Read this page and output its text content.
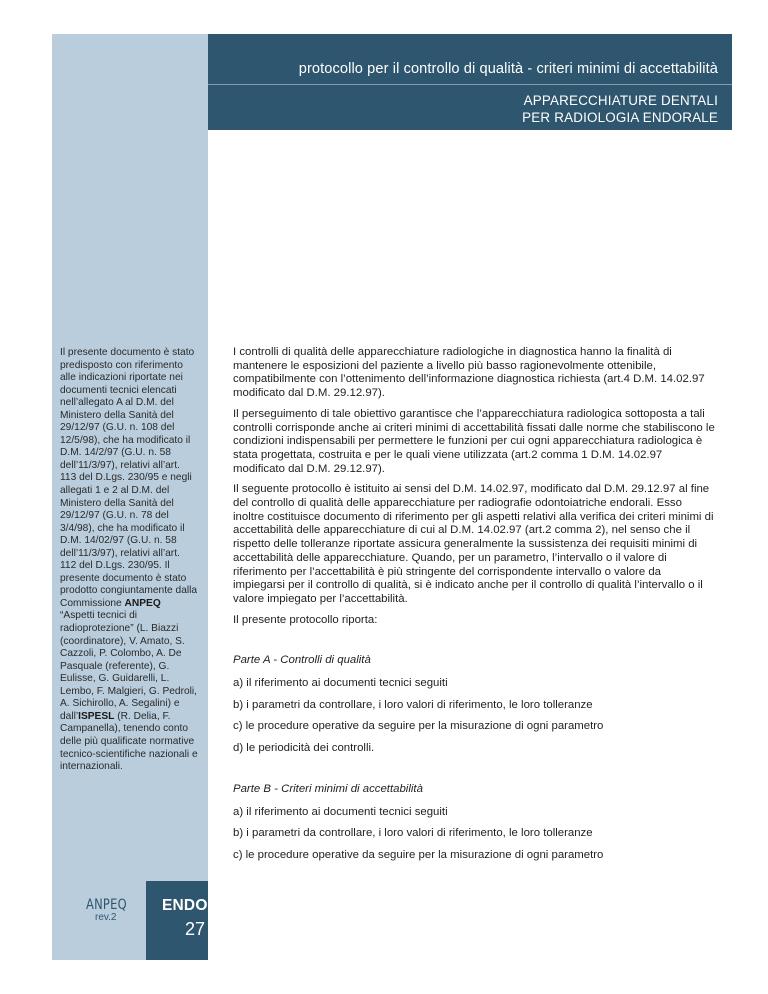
protocollo per il controllo di qualità - criteri minimi di accettabilità
APPARECCHIATURE DENTALI
PER RADIOLOGIA ENDORALE

Il presente documento è stato predisposto con riferimento alle indicazioni riportate nei documenti tecnici elencati nell’allegato A al D.M. del Ministero della Sanità del 29/12/97 (G.U. n. 108 del 12/5/98), che ha modificato il D.M. 14/2/97 (G.U. n. 58 dell’11/3/97), relativi all’art. 113 del D.Lgs. 230/95 e negli allegati 1 e 2 al D.M. del Ministero della Sanità del 29/12/97 (G.U. n. 78 del 3/4/98), che ha modificato il D.M. 14/02/97 (G.U. n. 58 dell’11/3/97), relativi all’art. 112 del D.Lgs. 230/95. Il presente documento è stato prodotto congiuntamente dalla Commissione ANPEQ “Aspetti tecnici di radioprotezione” (L. Biazzi (coordinatore), V. Amato, S. Cazzoli, P. Colombo, A. De Pasquale (referente), G. Eulisse, G. Guidarelli, L. Lembo, F. Malgieri, G. Pedroli, A. Sichirollo, A. Segalini) e dall’ISPESL (R. Delia, F. Campanella), tenendo conto delle più qualificate normative tecnico-scientifiche nazionali e internazionali.

ANPEQ
rev.2
ENDO
27

I controlli di qualità delle apparecchiature radiologiche in diagnostica hanno la finalità di mantenere le esposizioni del paziente a livello più basso ragionevolmente ottenibile, compatibilmente con l’ottenimento dell’informazione diagnostica richiesta (art.4 D.M. 14.02.97 modificato dal D.M. 29.12.97).

Il perseguimento di tale obiettivo garantisce che l’apparecchiatura radiologica sottoposta a tali controlli corrisponde anche ai criteri minimi di accettabilità fissati dalle norme che stabiliscono le condizioni indispensabili per permettere le funzioni per cui ogni apparecchiatura radiologica è stata progettata, costruita e per le quali viene utilizzata (art.2 comma 1 D.M. 14.02.97 modificato dal D.M. 29.12.97).

Il seguente protocollo è istituito ai sensi del D.M. 14.02.97, modificato dal D.M. 29.12.97 al fine del controllo di qualità delle apparecchiature per radiografie odontoiatriche endorali. Esso inoltre costituisce documento di riferimento per gli aspetti relativi alla verifica dei criteri minimi di accettabilità delle apparecchiature di cui al D.M. 14.02.97 (art.2 comma 2), nel senso che il rispetto delle tolleranze riportate assicura generalmente la sussistenza dei requisiti minimi di accettabilità delle apparecchiature. Quando, per un parametro, l’intervallo o il valore di riferimento per l’accettabilità è più stringente del corrispondente intervallo o valore da impiegarsi per il controllo di qualità, si è indicato anche per il controllo di qualità l’intervallo o il valore impiegato per l’accettabilità.

Il presente protocollo riporta:

Parte A - Controlli di qualità

a) il riferimento ai documenti tecnici seguiti

b) i parametri da controllare, i loro valori di riferimento, le loro tolleranze

c) le procedure operative da seguire per la misurazione di ogni parametro

d) le periodicità dei controlli.

Parte B - Criteri minimi di accettabilità

a) il riferimento ai documenti tecnici seguiti

b) i parametri da controllare, i loro valori di riferimento, le loro tolleranze

c) le procedure operative da seguire per la misurazione di ogni parametro
